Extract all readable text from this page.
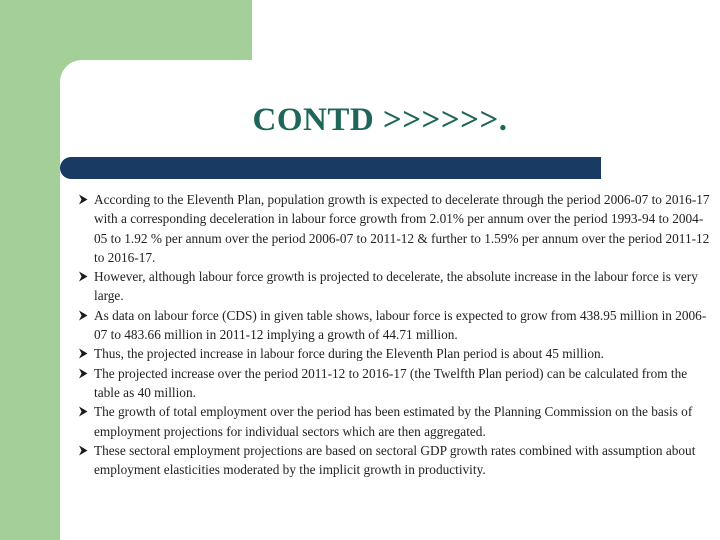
CONTD >>>>>>.
According to the Eleventh Plan, population growth is expected to decelerate through the period 2006-07 to 2016-17 with a corresponding deceleration in labour force growth from 2.01% per annum over the period 1993-94 to 2004-05 to 1.92 % per annum over the period 2006-07 to 2011-12 & further to 1.59% per annum over the period 2011-12 to 2016-17.
However, although labour force growth is projected to decelerate, the absolute increase in the labour force is very large.
As data on labour force (CDS) in given table shows, labour force is expected to grow from 438.95 million in 2006-07 to 483.66 million in 2011-12 implying a growth of 44.71 million.
Thus, the projected increase in labour force during the Eleventh Plan period is about 45 million.
The projected increase over the period 2011-12 to 2016-17 (the Twelfth Plan period) can be calculated from the table as 40 million.
The growth of total employment over the period has been estimated by the Planning Commission on the basis of employment projections for individual sectors which are then aggregated.
These sectoral employment projections are based on sectoral GDP growth rates combined with assumption about employment elasticities moderated by the implicit growth in productivity.
